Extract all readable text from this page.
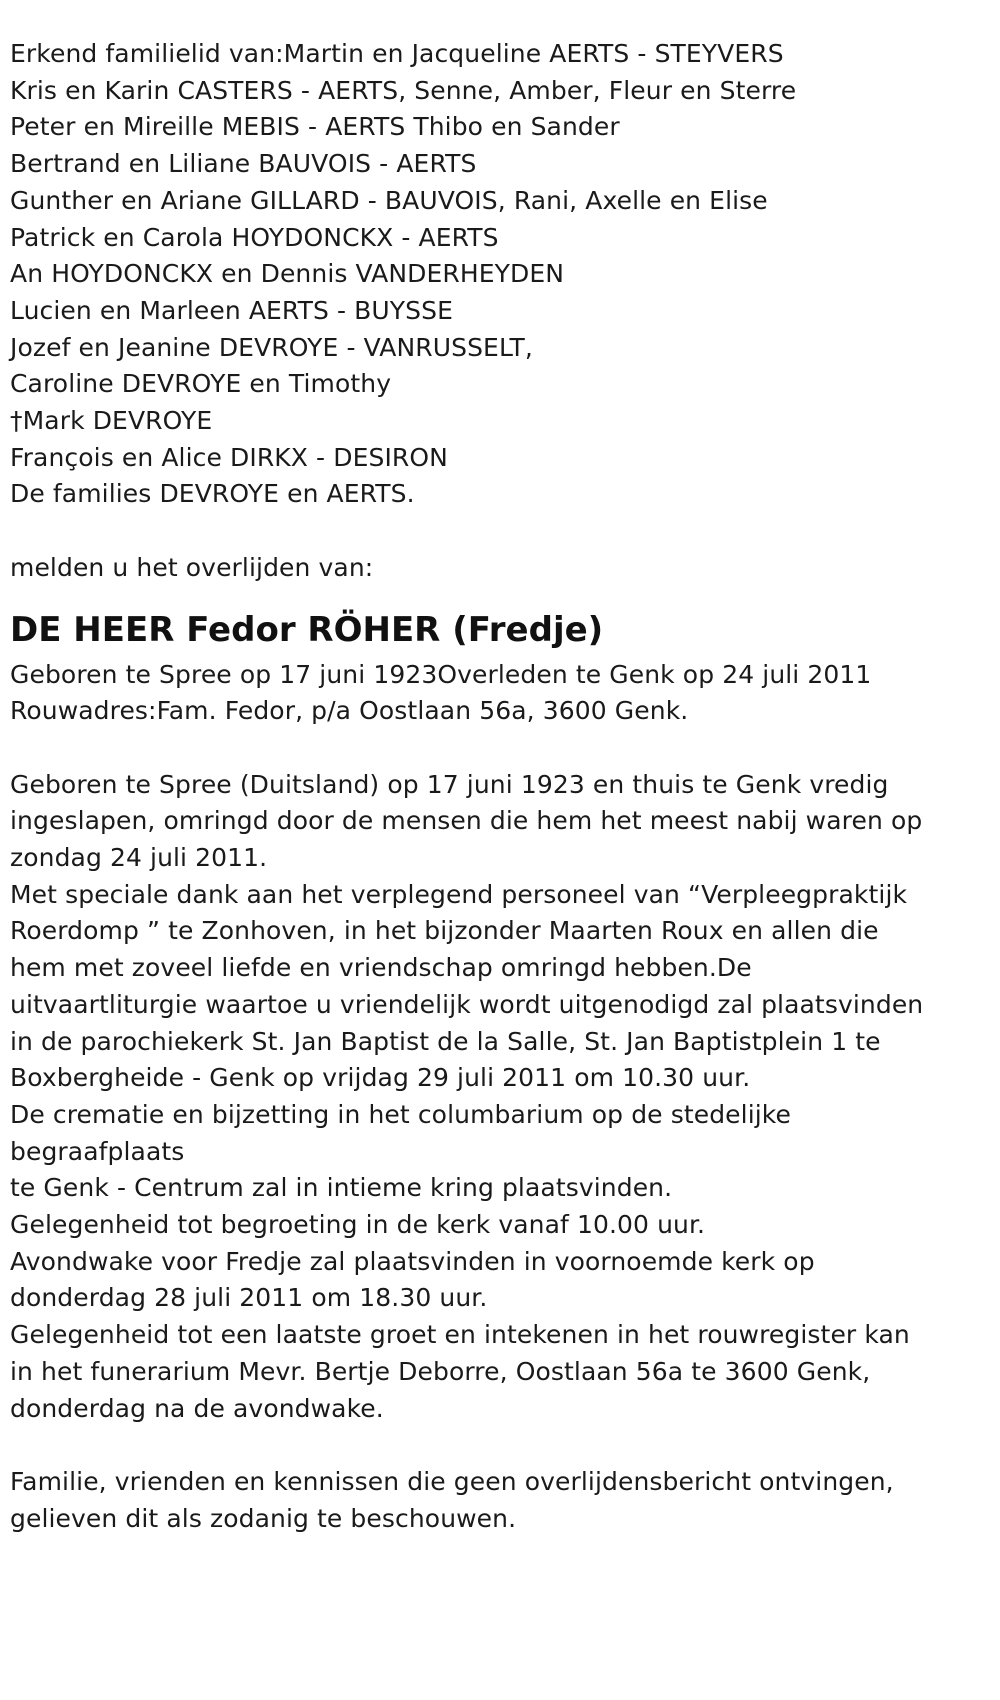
Erkend familielid van:Martin en Jacqueline AERTS - STEYVERS
Kris en Karin CASTERS - AERTS, Senne, Amber, Fleur en Sterre
Peter en Mireille MEBIS - AERTS Thibo en Sander
Bertrand en Liliane BAUVOIS - AERTS
Gunther en Ariane GILLARD - BAUVOIS, Rani, Axelle en Elise
Patrick en Carola HOYDONCKX - AERTS
An HOYDONCKX en Dennis VANDERHEYDEN
Lucien en Marleen AERTS - BUYSSE
Jozef en Jeanine DEVROYE - VANRUSSELT,
Caroline DEVROYE en Timothy
†Mark DEVROYE
François en Alice DIRKX - DESIRON
De families DEVROYE en AERTS.
melden u het overlijden van:
DE HEER Fedor RÖHER (Fredje)
Geboren te Spree op 17 juni 1923Overleden te Genk op 24 juli 2011
Rouwadres:Fam. Fedor, p/a Oostlaan 56a, 3600 Genk.
Geboren te Spree (Duitsland) op 17 juni 1923 en thuis te Genk vredig
ingeslapen, omringd door de mensen die hem het meest nabij waren op
zondag 24 juli 2011.
Met speciale dank aan het verplegend personeel van “Verpleegpraktijk
Roerdomp ” te Zonhoven, in het bijzonder Maarten Roux en allen die
hem met zoveel liefde en vriendschap omringd hebben.De
uitvaartliturgie waartoe u vriendelijk wordt uitgenodigd zal plaatsvinden
in de parochiekerk St. Jan Baptist de la Salle, St. Jan Baptistplein 1 te
Boxbergheide - Genk op vrijdag 29 juli 2011 om 10.30 uur.
De crematie en bijzetting in het columbarium op de stedelijke
begraafplaats
te Genk - Centrum zal in intieme kring plaatsvinden.
Gelegenheid tot begroeting in de kerk vanaf 10.00 uur.
Avondwake voor Fredje zal plaatsvinden in voornoemde kerk op
donderdag 28 juli 2011 om 18.30 uur.
Gelegenheid tot een laatste groet en intekenen in het rouwregister kan
in het funerarium Mevr. Bertje Deborre, Oostlaan 56a te 3600 Genk,
donderdag na de avondwake.
Familie, vrienden en kennissen die geen overlijdensbericht ontvingen,
gelieven dit als zodanig te beschouwen.
